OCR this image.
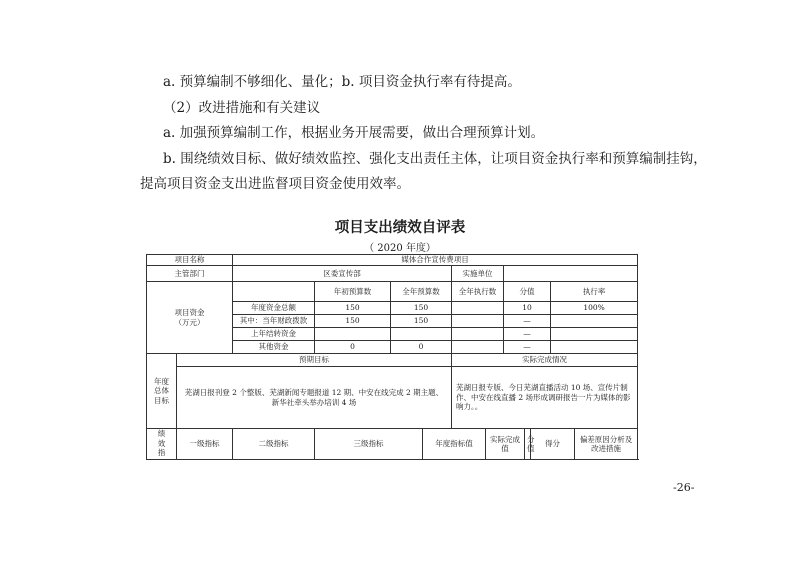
a. 预算编制不够细化、量化；b. 项目资金执行率有待提高。
（2）改进措施和有关建议
a. 加强预算编制工作，根据业务开展需要，做出合理预算计划。
b. 围绕绩效目标、做好绩效监控、强化支出责任主体，让项目资金执行率和预算编制挂钩，
提高项目资金支出进监督项目资金使用效率。
项目支出绩效自评表
（ 2020 年度）
项目名称		媒体合作宣传费项目											
主管部门		区委宣传部				实施单位							

项目资金
（万元）			年初预算数	全年预算数		全年执行数		分值			执行率	
		年度资金总额	150	150				10			100%	
		其中：当年财政拨款	150	150				—		
		上年结转资金						—		
		其他资金	0	0				—		

年度
总体
目标	预期目标					实际完成情况							
	芜湖日报刊登 2 个整版、芜湖新闻专题报道 12 期、中安在线完成 2 期主题、新华社牵头举办培训 4 场					芜湖日报专版、今日芜湖直播活动 10 场、宣传片制作、中安在线直播 2 场形成调研报告一片为媒体的影响力。。							

绩
效
指	一级指标	二级指标	三级指标		年度指标值		实际完成值		分值	得分		偏差原因分析及改进措施	
-26-
